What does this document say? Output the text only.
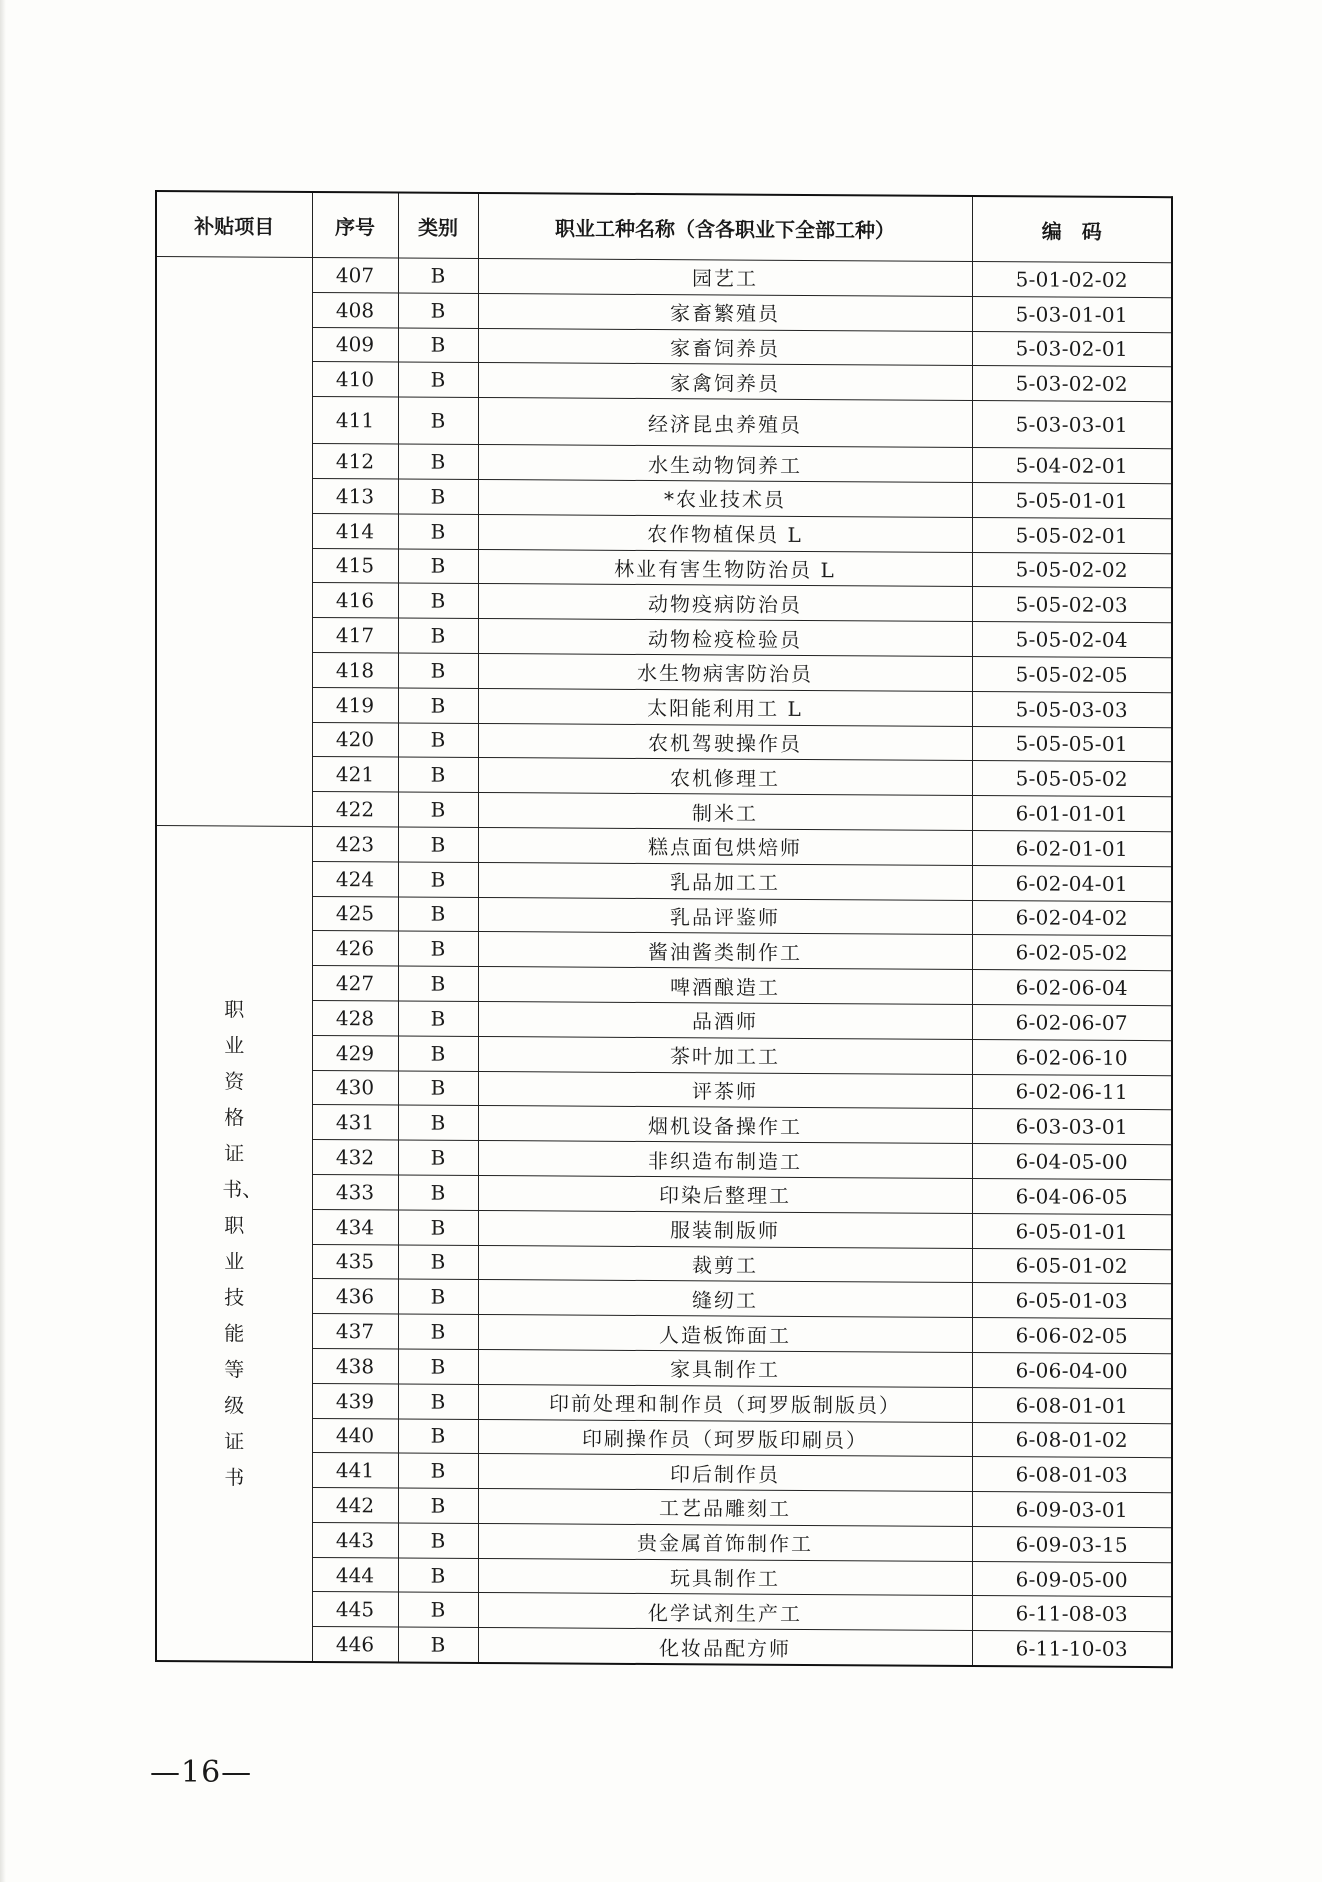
补贴项目	序号	类别	职业工种名称（含各职业下全部工种）	编　码
	407	B	园艺工	5-01-02-02
	408	B	家畜繁殖员	5-03-01-01
	409	B	家畜饲养员	5-03-02-01
	410	B	家禽饲养员	5-03-02-02
	411	B	经济昆虫养殖员	5-03-03-01
	412	B	水生动物饲养工	5-04-02-01
	413	B	*农业技术员	5-05-01-01
	414	B	农作物植保员 L	5-05-02-01
	415	B	林业有害生物防治员 L	5-05-02-02
	416	B	动物疫病防治员	5-05-02-03
	417	B	动物检疫检验员	5-05-02-04
	418	B	水生物病害防治员	5-05-02-05
	419	B	太阳能利用工 L	5-05-03-03
	420	B	农机驾驶操作员	5-05-05-01
	421	B	农机修理工	5-05-05-02
	422	B	制米工	6-01-01-01
职业资格证书、职业技能等级证书	423	B	糕点面包烘焙师	6-02-01-01
	424	B	乳品加工工	6-02-04-01
	425	B	乳品评鉴师	6-02-04-02
	426	B	酱油酱类制作工	6-02-05-02
	427	B	啤酒酿造工	6-02-06-04
	428	B	品酒师	6-02-06-07
	429	B	茶叶加工工	6-02-06-10
	430	B	评茶师	6-02-06-11
	431	B	烟机设备操作工	6-03-03-01
	432	B	非织造布制造工	6-04-05-00
	433	B	印染后整理工	6-04-06-05
	434	B	服装制版师	6-05-01-01
	435	B	裁剪工	6-05-01-02
	436	B	缝纫工	6-05-01-03
	437	B	人造板饰面工	6-06-02-05
	438	B	家具制作工	6-06-04-00
	439	B	印前处理和制作员（珂罗版制版员）	6-08-01-01
	440	B	印刷操作员（珂罗版印刷员）	6-08-01-02
	441	B	印后制作员	6-08-01-03
	442	B	工艺品雕刻工	6-09-03-01
	443	B	贵金属首饰制作工	6-09-03-15
	444	B	玩具制作工	6-09-05-00
	445	B	化学试剂生产工	6-11-08-03
	446	B	化妆品配方师	6-11-10-03
—16—
